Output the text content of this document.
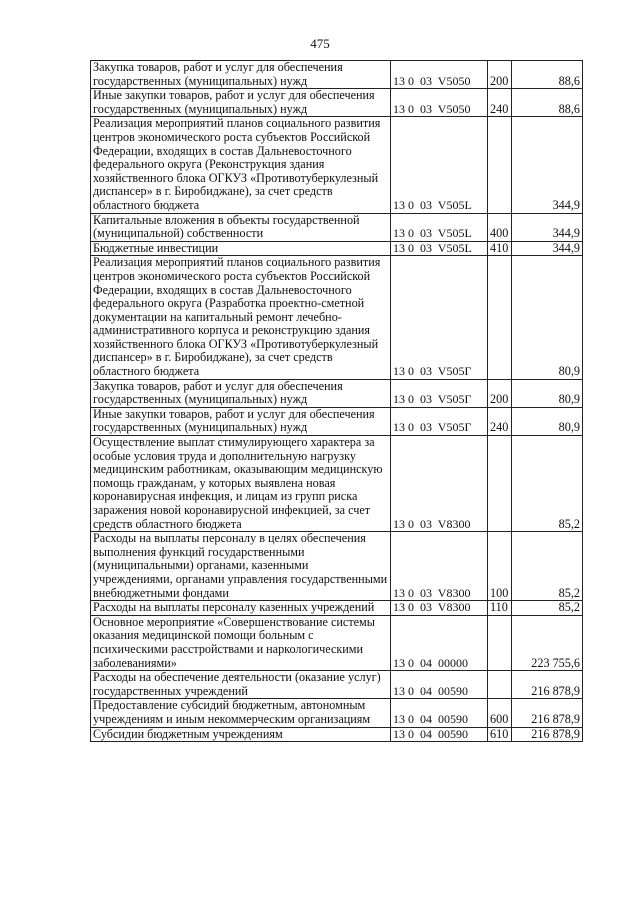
475
Закупка товаров, работ и услуг для обеспечения государственных (муниципальных) нужд	13 0  03  V5050	200	88,6
Иные закупки товаров, работ и услуг для обеспечения государственных (муниципальных) нужд	13 0  03  V5050	240	88,6
Реализация мероприятий планов социального развития центров экономического роста субъектов Российской Федерации, входящих в состав Дальневосточного федерального округа (Реконструкция здания хозяйственного блока ОГКУЗ «Противотуберкулезный диспансер» в г. Биробиджане), за счет средств областного бюджета	13 0  03  V505L		344,9
Капитальные вложения в объекты государственной (муниципальной) собственности	13 0  03  V505L	400	344,9
Бюджетные инвестиции	13 0  03  V505L	410	344,9
Реализация мероприятий планов социального развития центров экономического роста субъектов Российской Федерации, входящих в состав Дальневосточного федерального округа (Разработка проектно-сметной документации на капитальный ремонт лечебно-административного корпуса и реконструкцию здания хозяйственного блока ОГКУЗ «Противотуберкулезный диспансер» в г. Биробиджане), за счет средств областного бюджета	13 0  03  V505Г		80,9
Закупка товаров, работ и услуг для обеспечения государственных (муниципальных) нужд	13 0  03  V505Г	200	80,9
Иные закупки товаров, работ и услуг для обеспечения государственных (муниципальных) нужд	13 0  03  V505Г	240	80,9
Осуществление выплат стимулирующего характера за особые условия труда и дополнительную нагрузку медицинским работникам, оказывающим медицинскую помощь гражданам, у которых выявлена новая коронавирусная инфекция, и лицам из групп риска заражения новой коронавирусной инфекцией, за счет средств областного бюджета	13 0  03  V8300		85,2
Расходы на выплаты персоналу в целях обеспечения выполнения функций государственными (муниципальными) органами, казенными учреждениями, органами управления государственными внебюджетными фондами	13 0  03  V8300	100	85,2
Расходы на выплаты персоналу казенных учреждений	13 0  03  V8300	110	85,2
Основное мероприятие «Совершенствование системы оказания медицинской помощи больным с психическими расстройствами и наркологическими заболеваниями»	13 0  04  00000		223 755,6
Расходы на обеспечение деятельности (оказание услуг) государственных учреждений	13 0  04  00590		216 878,9
Предоставление субсидий бюджетным, автономным учреждениям и иным некоммерческим организациям	13 0  04  00590	600	216 878,9
Субсидии бюджетным учреждениям	13 0  04  00590	610	216 878,9
